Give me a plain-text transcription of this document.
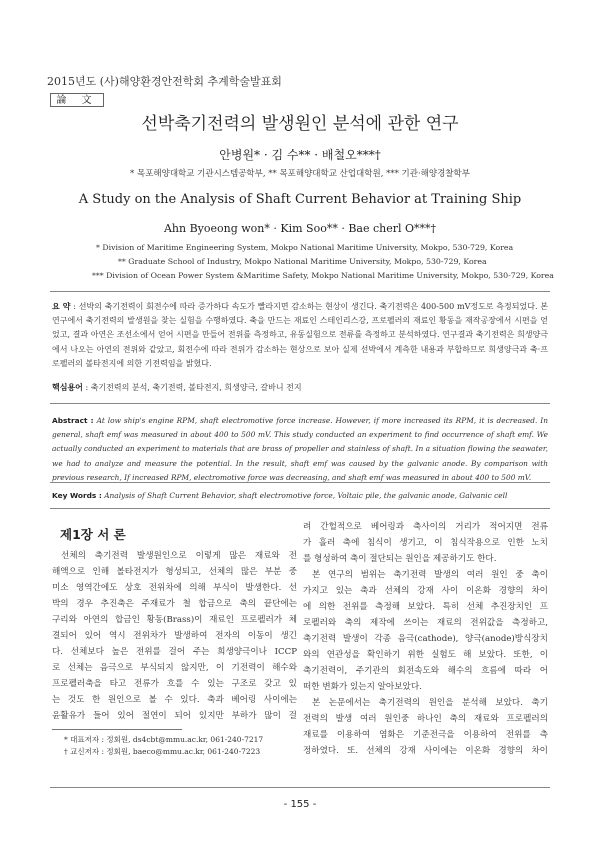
2015년도 (사)해양환경안전학회 추계학술발표회
論 文
선박축기전력의 발생원인 분석에 관한 연구
안병원* · 김 수** · 배철오***†
* 목포해양대학교 기관시스템공학부, ** 목포해양대학교 산업대학원, *** 기관·해양경찰학부
A Study on the Analysis of Shaft Current Behavior at Training Ship
Ahn Byoeong won* · Kim Soo** · Bae cherl O***†
* Division of Maritime Engineering System, Mokpo National Maritime University, Mokpo, 530-729, Korea
** Graduate School of Industry, Mokpo National Maritime University, Mokpo, 530-729, Korea
*** Division of Ocean Power System &Maritime Safety, Mokpo National Maritime University, Mokpo, 530-729, Korea
요 약 : 선박의 축기전력이 회전수에 따라 증가하다 속도가 빨라지면 감소하는 현상이 생긴다. 축기전력은 400-500 mV정도로 측정되었다. 본 연구에서 축기전력의 발생원을 찾는 실험을 수행하였다. 축을 만드는 재료인 스테인리스강, 프로펠러의 재료인 황동을 재작공장에서 시편을 얻었고, 결과 아연은 조선소에서 얻어 시편을 만들어 전위를 측정하고, 유동실험으로 전류를 측정하고 분석하였다. 연구결과 축기전력은 희생양극에서 나오는 아연의 전위와 같았고, 회전수에 따라 전위가 감소하는 현상으로 보아 실제 선박에서 계측한 내용과 부합하므로 희생양극과 축·프로펠러의 볼타전지에 의한 기전력임을 밝혔다.
핵심용어 : 축기전력의 분석, 축기전력, 볼타전지, 희생양극, 갈바니 전지
Abstract : At low ship's engine RPM, shaft electromotive force increase. However, if more increased its RPM, it is decreased. In general, shaft emf was measured in about 400 to 500 mV. This study conducted an experiment to find occurrence of shaft emf. We actually conducted an experiment to materials that are brass of propeller and stainless of shaft. In a situation flowing the seawater, we had to analyze and measure the potential. In the result, shaft emf was caused by the galvanic anode. By comparison with previous research, If increased RPM, electromotive force was decreasing, and shaft emf was measured in about 400 to 500 mV.
Key Words : Analysis of Shaft Current Behavior, shaft electromotive force, Voltaic pile, the galvanic anode, Galvanic cell
제1장 서 론
선체의 축기전력 발생원인으로 이렇게 많은 재료와 전
해액으로 인해 볼타전지가 형성되고, 선체의 많은 부분 중
미소 영역간에도 상호 전위차에 의해 부식이 발생한다. 선
박의 경우 추진축은 주재료가 철 합금으로 축의 끝단에는
구리와 아연의 합금인 황동(Brass)이 재료인 프로펠러가 체
결되어 있어 역시 전위차가 발생하여 전자의 이동이 생긴
다. 선체보다 높은 전위를 걸어 주는 희생양극이나 ICCP
로 선체는 음극으로 부식되지 않지만, 이 기전력이 해수와
프로펠러축을 타고 전류가 흐를 수 있는 구조로 갖고 있
는 것도 한 원인으로 볼 수 있다. 축과 베어링 사이에는
윤활유가 들어 있어 절연이 되어 있지만 부하가 많이 걸
려 간헐적으로 베어링과 축사이의 거리가 적어지면 전류
가 흘러 축에 침식이 생기고, 이 침식작용으로 인한 노치
를 형성하여 축이 절단되는 원인을 제공하기도 한다.
본 연구의 범위는 축기전력 발생의 여러 원인 중 축이
가지고 있는 축과 선체의 강재 사이 이온화 경향의 차이
에 의한 전위를 측정해 보았다. 특히 선체 추진장치인 프
로펠러와 축의 제작에 쓰이는 재료의 전위값을 측정하고,
축기전력 발생이 각종 음극(cathode), 양극(anode)방식장치
와의 연관성을 확인하기 위한 실험도 해 보았다. 또한, 이
축기전력이, 주기관의 회전속도와 해수의 흐름에 따라 어
떠한 변화가 있는지 알아보았다.
본 논문에서는 축기전력의 원인을 분석해 보았다. 축기
전력의 발생 여러 원인중 하나인 축의 재료와 프로펠러의
재료를 이용하여 염화은 기준전극을 이용하여 전위를 측
정하였다. 또. 선체의 강재 사이에는 이온화 경향의 차이
* 대표저자 : 정회원, ds4cbt@mmu.ac.kr, 061-240-7217
† 교신저자 : 정회원, baeco@mmu.ac.kr, 061-240-7223
- 155 -
